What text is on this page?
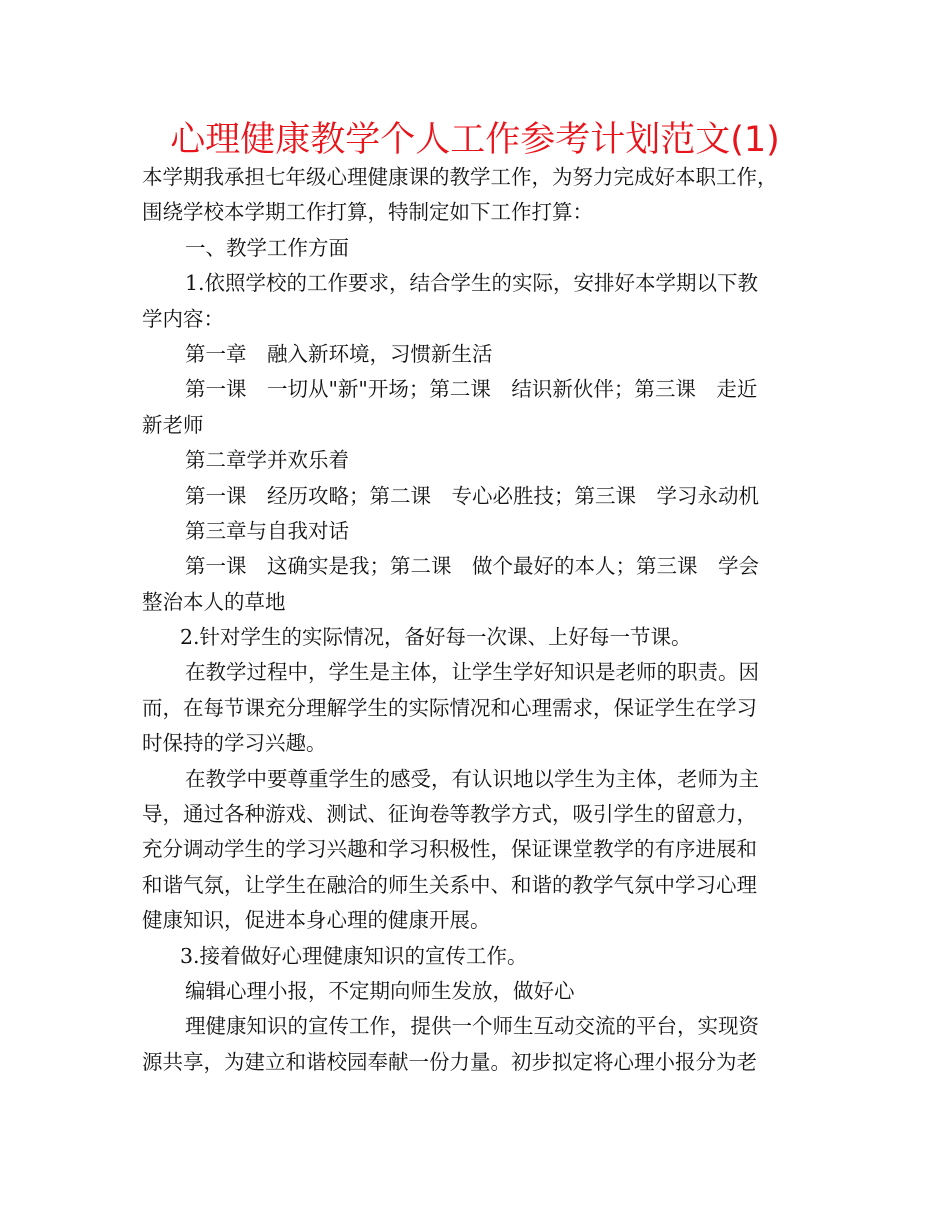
心理健康教学个人工作参考计划范文(1)
本学期我承担七年级心理健康课的教学工作，为努力完成好本职工作，
围绕学校本学期工作打算，特制定如下工作打算：
一、教学工作方面
1.依照学校的工作要求，结合学生的实际，安排好本学期以下教
学内容：
第一章　融入新环境，习惯新生活
第一课　一切从"新"开场；第二课　结识新伙伴；第三课　走近
新老师
第二章学并欢乐着
第一课　经历攻略；第二课　专心必胜技；第三课　学习永动机
第三章与自我对话
第一课　这确实是我；第二课　做个最好的本人；第三课　学会
整治本人的草地
2.针对学生的实际情况，备好每一次课、上好每一节课。
在教学过程中，学生是主体，让学生学好知识是老师的职责。因
而，在每节课充分理解学生的实际情况和心理需求，保证学生在学习
时保持的学习兴趣。
在教学中要尊重学生的感受，有认识地以学生为主体，老师为主
导，通过各种游戏、测试、征询卷等教学方式，吸引学生的留意力，
充分调动学生的学习兴趣和学习积极性，保证课堂教学的有序进展和
和谐气氛，让学生在融洽的师生关系中、和谐的教学气氛中学习心理
健康知识，促进本身心理的健康开展。
3.接着做好心理健康知识的宣传工作。
编辑心理小报，不定期向师生发放，做好心
理健康知识的宣传工作，提供一个师生互动交流的平台，实现资
源共享，为建立和谐校园奉献一份力量。初步拟定将心理小报分为老
